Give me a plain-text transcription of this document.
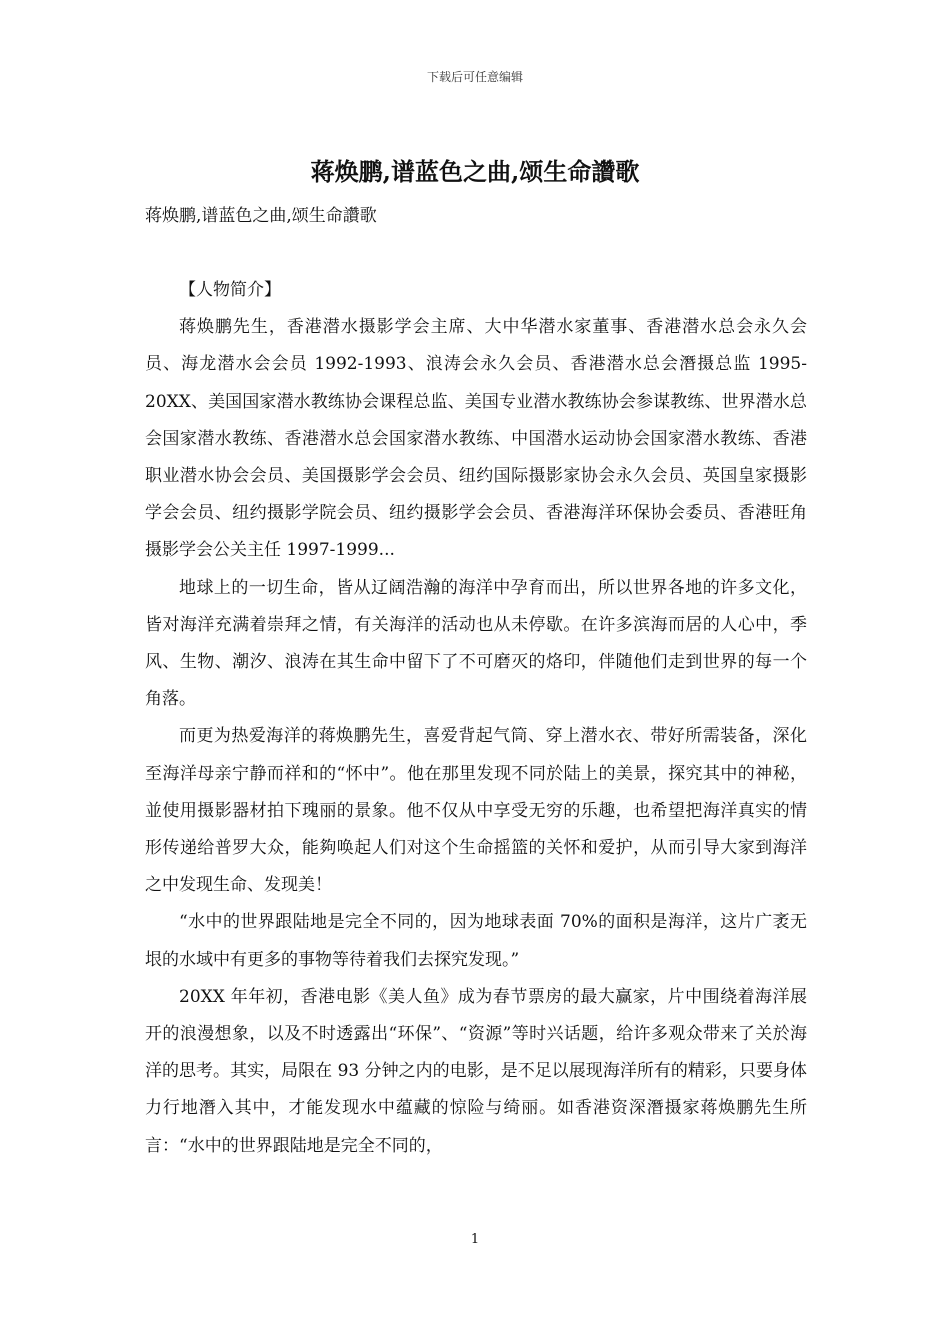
下载后可任意编辑
蒋焕鹏,谱蓝色之曲,颂生命讚歌

蒋焕鹏,谱蓝色之曲,颂生命讚歌

【人物简介】

蒋焕鹏先生，香港潜水摄影学会主席、大中华潜水家董事、香港潜水总会永久会员、海龙潜水会会员 1992-1993、浪涛会永久会员、香港潜水总会潛摄总监 1995-20XX、美国国家潜水教练协会课程总监、美国专业潜水教练协会参谋教练、世界潜水总会国家潜水教练、香港潜水总会国家潜水教练、中国潜水运动协会国家潜水教练、香港职业潜水协会会员、美国摄影学会会员、纽约国际摄影家协会永久会员、英国皇家摄影学会会员、纽约摄影学院会员、纽约摄影学会会员、香港海洋环保协会委员、香港旺角摄影学会公关主任 1997-1999...

地球上的一切生命，皆从辽阔浩瀚的海洋中孕育而出，所以世界各地的许多文化，皆对海洋充满着崇拜之情，有关海洋的活动也从未停歇。在许多滨海而居的人心中，季风、生物、潮汐、浪涛在其生命中留下了不可磨灭的烙印，伴随他们走到世界的每一个角落。

而更为热爱海洋的蒋焕鹏先生，喜爱背起气筒、穿上潜水衣、带好所需装备，深化至海洋母亲宁静而祥和的“怀中”。他在那里发现不同於陆上的美景，探究其中的神秘，並使用摄影器材拍下瑰丽的景象。他不仅从中享受无穷的乐趣，也希望把海洋真实的情形传递给普罗大众，能夠唤起人们对这个生命摇篮的关怀和爱护，从而引导大家到海洋之中发现生命、发现美！

“水中的世界跟陆地是完全不同的，因为地球表面 70%的面积是海洋，这片广袤无垠的水域中有更多的事物等待着我们去探究发现。”

20XX 年年初，香港电影《美人鱼》成为春节票房的最大赢家，片中围绕着海洋展开的浪漫想象，以及不时透露出“环保”、“资源”等时兴话题，给许多观众带来了关於海洋的思考。其实，局限在 93 分钟之内的电影，是不足以展现海洋所有的精彩，只要身体力行地潛入其中，才能发现水中蕴藏的惊险与绮丽。如香港资深潛摄家蒋焕鹏先生所言：“水中的世界跟陆地是完全不同的，

1
